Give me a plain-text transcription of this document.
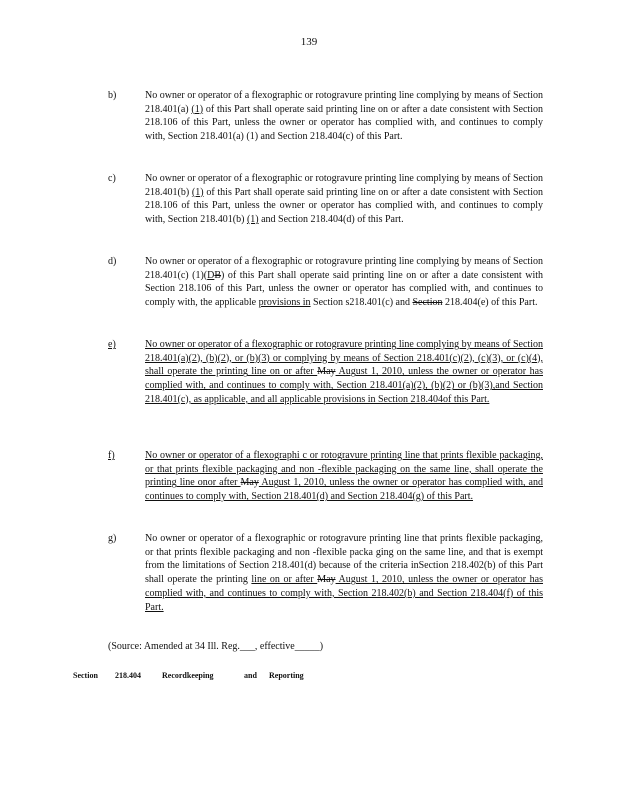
139
b)	No owner or operator of a flexographic or rotogravure printing line complying by means of Section 218.401(a) (1) of this Part shall operate said printing line on or after a date consistent with Section 218.106 of this Part, unless the owner or operator has complied with, and continues to comply with, Section 218.401(a) (1) and Section 218.404(c) of this Part.
c)	No owner or operator of a flexographic or rotogravure printing line complying by means of Section 218.401(b) (1) of this Part shall operate said printing line on or after a date consistent with Section 218.106 of this Part, unless the owner or operator has complied with, and continues to comply with, Section 218.401(b) (1) and Section 218.404(d) of this Part.
d)	No owner or operator of a flexographic or rotogravure printing line complying by means of Section 218.401(c) (1)(DB) of this Part shall operate said printing line on or after a date consistent with Section 218.106 of this Part, unless the owner or operator has complied with, and continues to comply with, the applicable provisions in Section s218.401(c) and Section 218.404(e) of this Part.
e)	No owner or operator of a flexographic or rotogravure printing line complying by means of Section 218.401(a)(2), (b)(2), or (b)(3) or complying by means of Section 218.401(c)(2), (c)(3), or (c)(4), shall operate the printing line on or after May August 1, 2010, unless the owner or operator has complied with, and continues to comply with, Section 218.401(a)(2), (b)(2) or (b)(3),and Section 218.401(c), as applicable, and all applicable provisions in Section 218.404of this Part.
f)	No owner or operator of a flexographi c or rotogravure printing line that prints flexible packaging, or that prints flexible packaging and non -flexible packaging on the same line, shall operate the printing line onor after May August 1, 2010, unless the owner or operator has complied with, and continues to comply with, Section 218.401(d) and Section 218.404(g) of this Part.
g)	No owner or operator of a flexographic or rotogravure printing line that prints flexible packaging, or that prints flexible packaging and non -flexible packa ging on the same line, and that is exempt from the limitations of Section 218.401(d) because of the criteria inSection 218.402(b) of this Part shall operate the printing line on or after May August 1, 2010, unless the owner or operator has complied with, and continues to comply with, Section 218.402(b) and Section 218.404(f) of this Part.
(Source: Amended at 34 Ill. Reg.___, effective_____)
Section 218.404	Recordkeeping	and Reporting
